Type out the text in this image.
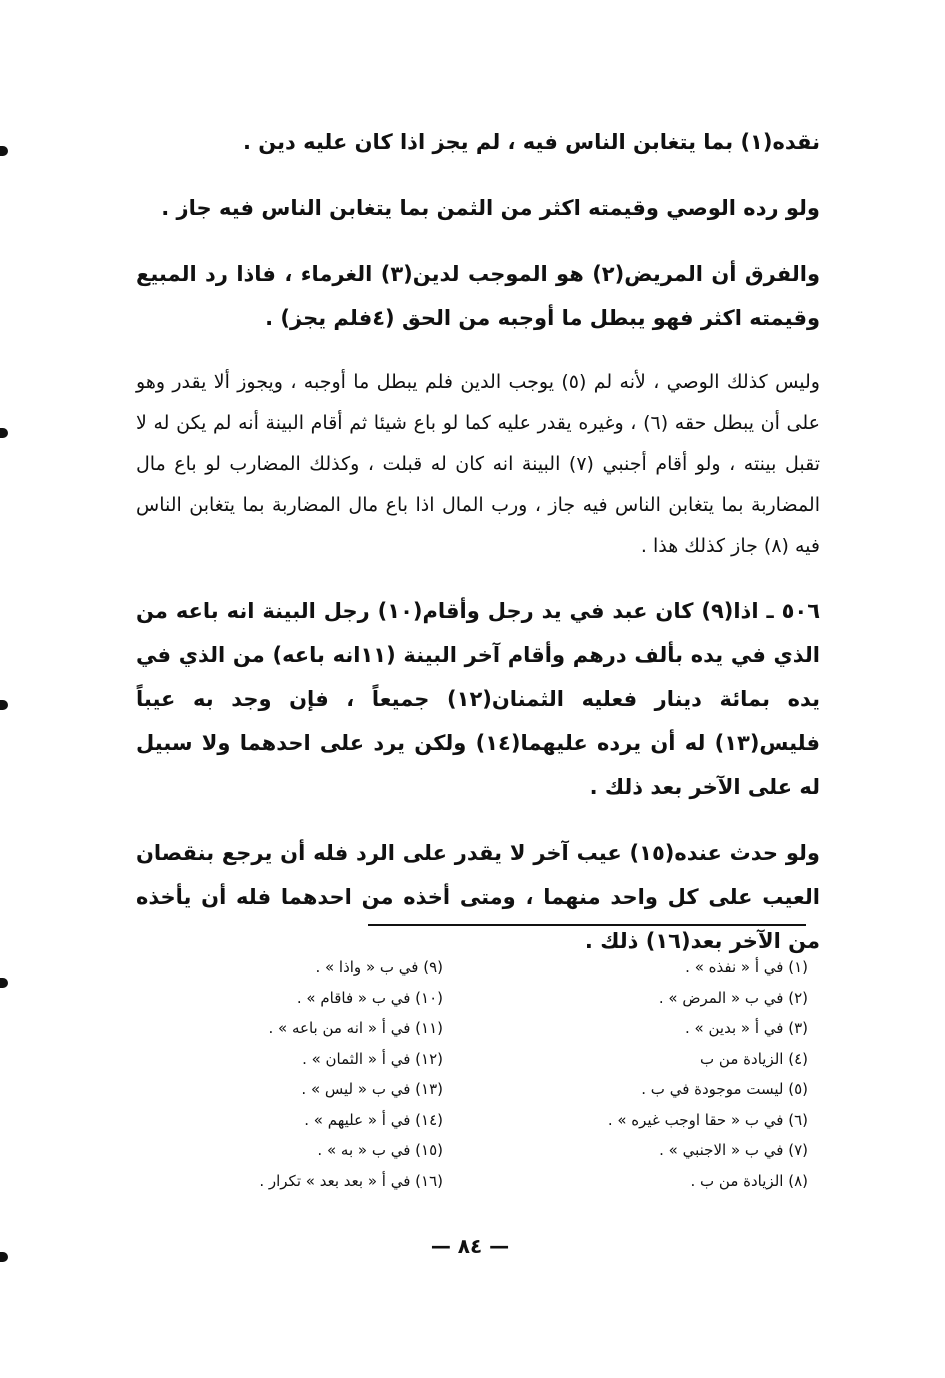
نقده(١) بما يتغابن الناس فيه ، لم يجز اذا كان عليه دين .

ولو رده الوصي وقيمته اكثر من الثمن بما يتغابن الناس فيه جاز .

والفرق أن المريض(٢) هو الموجب لدين(٣) الغرماء ، فاذا رد المبيع وقيمته اكثر فهو يبطل ما أوجبه من الحق (٤فلم يجز) .

وليس كذلك الوصي ، لأنه لم (٥) يوجب الدين فلم يبطل ما أوجبه ، ويجوز ألا يقدر وهو على أن يبطل حقه (٦) ، وغيره يقدر عليه كما لو باع شيئا ثم أقام البينة أنه لم يكن له لا تقبل بينته ، ولو أقام أجنبي (٧) البينة انه كان له قبلت ، وكذلك المضارب لو باع مال المضاربة بما يتغابن الناس فيه جاز ، ورب المال اذا باع مال المضاربة بما يتغابن الناس فيه (٨) جاز كذلك هذا .

٥٠٦ ـ اذا(٩) كان عبد في يد رجل وأقام(١٠) رجل البينة انه باعه من الذي في يده بألف درهم وأقام آخر البينة (١١انه باعه) من الذي في يده بمائة دينار فعليه الثمنان(١٢) جميعاً ، فإن وجد به عيباً فليس(١٣) له أن يرده عليهما(١٤) ولكن يرد على احدهما ولا سبيل له على الآخر بعد ذلك .

ولو حدث عنده(١٥) عيب آخر لا يقدر على الرد فله أن يرجع بنقصان العيب على كل واحد منهما ، ومتى أخذه من احدهما فله أن يأخذه من الآخر بعد(١٦) ذلك .

(١) في أ « نفذه » .
(٢) في ب « المرض » .
(٣) في أ « بدين » .
(٤) الزيادة من ب
(٥) ليست موجودة في ب .
(٦) في ب « حقا اوجب غيره » .
(٧) في ب « الاجنبي » .
(٨) الزيادة من ب .
(٩) في ب « واذا » .
(١٠) في ب « فاقام » .
(١١) في أ « انه من باعه » .
(١٢) في أ « الثمان » .
(١٣) في ب « ليس » .
(١٤) في أ « عليهم » .
(١٥) في ب « به » .
(١٦) في أ « بعد بعد » تكرار .
— ٨٤ —
